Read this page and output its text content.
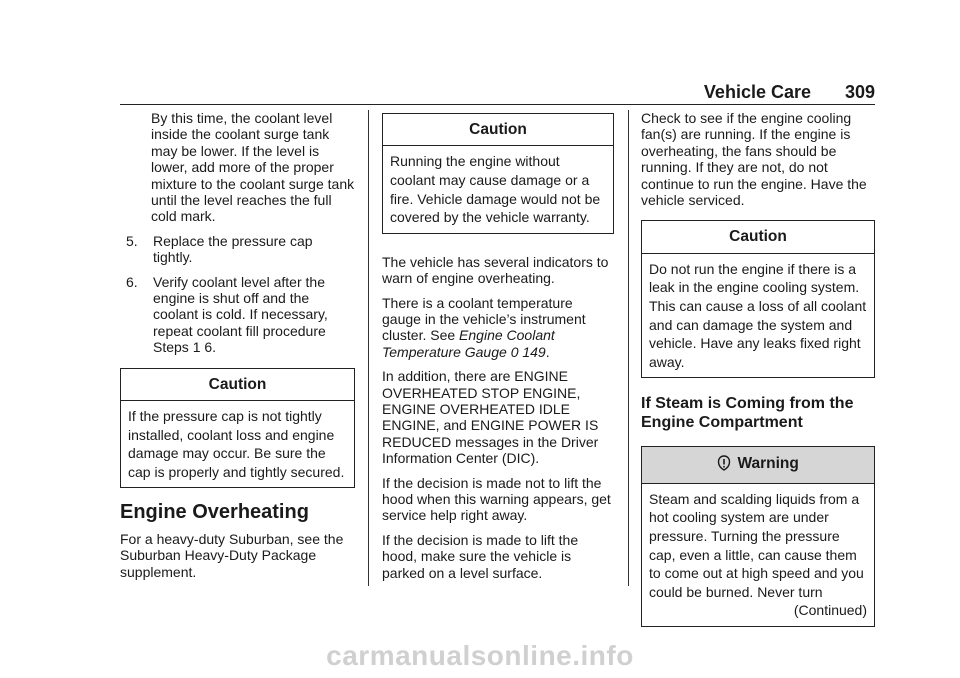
Vehicle Care 309

By this time, the coolant level inside the coolant surge tank may be lower. If the level is lower, add more of the proper mixture to the coolant surge tank until the level reaches the full cold mark.

5.	Replace the pressure cap tightly.
6.	Verify coolant level after the engine is shut off and the coolant is cold. If necessary, repeat coolant fill procedure Steps 1 6.
Caution
If the pressure cap is not tightly installed, coolant loss and engine damage may occur. Be sure the cap is properly and tightly secured.
Engine Overheating

For a heavy-duty Suburban, see the Suburban Heavy-Duty Package supplement.

Caution
Running the engine without coolant may cause damage or a fire. Vehicle damage would not be covered by the vehicle warranty.

The vehicle has several indicators to warn of engine overheating.

There is a coolant temperature gauge in the vehicle’s instrument cluster. See Engine Coolant Temperature Gauge 0 149.

In addition, there are ENGINE OVERHEATED STOP ENGINE, ENGINE OVERHEATED IDLE ENGINE, and ENGINE POWER IS REDUCED messages in the Driver Information Center (DIC).

If the decision is made not to lift the hood when this warning appears, get service help right away.

If the decision is made to lift the hood, make sure the vehicle is parked on a level surface.

Check to see if the engine cooling fan(s) are running. If the engine is overheating, the fans should be running. If they are not, do not continue to run the engine. Have the vehicle serviced.

Caution
Do not run the engine if there is a leak in the engine cooling system. This can cause a loss of all coolant and can damage the system and vehicle. Have any leaks fixed right away.
If Steam is Coming from the Engine Compartment
Warning
Steam and scalding liquids from a hot cooling system are under pressure. Turning the pressure cap, even a little, can cause them to come out at high speed and you could be burned. Never turn
(Continued)
carmanualsonline.info
